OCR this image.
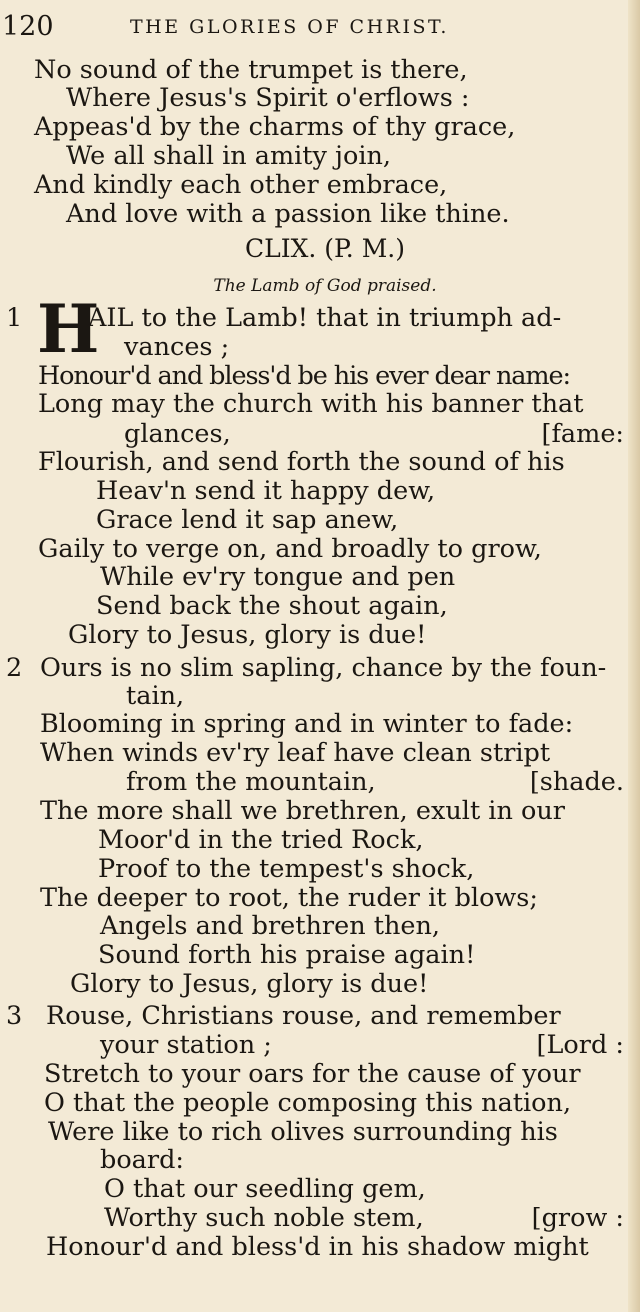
120	THE GLORIES OF CHRIST.
No sound of the trumpet is there,
Where Jesus's Spirit o'erflows :
Appeas'd by the charms of thy grace,
We all shall in amity join,
And kindly each other embrace,
And love with a passion like thine.
CLIX. (P. M.)
The Lamb of God praised.
1 H
AIL to the Lamb! that in triumph ad-
vances ;
Honour'd and bless'd be his ever dear name:
Long may the church with his banner that
glances,	[fame:
Flourish, and send forth the sound of his
Heav'n send it happy dew,
Grace lend it sap anew,
Gaily to verge on, and broadly to grow,
While ev'ry tongue and pen
Send back the shout again,
Glory to Jesus, glory is due!
2 Ours is no slim sapling, chance by the foun-
tain,
Blooming in spring and in winter to fade:
When winds ev'ry leaf have clean stript
from the mountain,	[shade.
The more shall we brethren, exult in our
Moor'd in the tried Rock,
Proof to the tempest's shock,
The deeper to root, the ruder it blows;
Angels and brethren then,
Sound forth his praise again!
Glory to Jesus, glory is due!
3 Rouse, Christians rouse, and remember
your station ;	[Lord :
Stretch to your oars for the cause of your
O that the people composing this nation,
Were like to rich olives surrounding his
board:
O that our seedling gem,
Worthy such noble stem,	[grow :
Honour'd and bless'd in his shadow might
